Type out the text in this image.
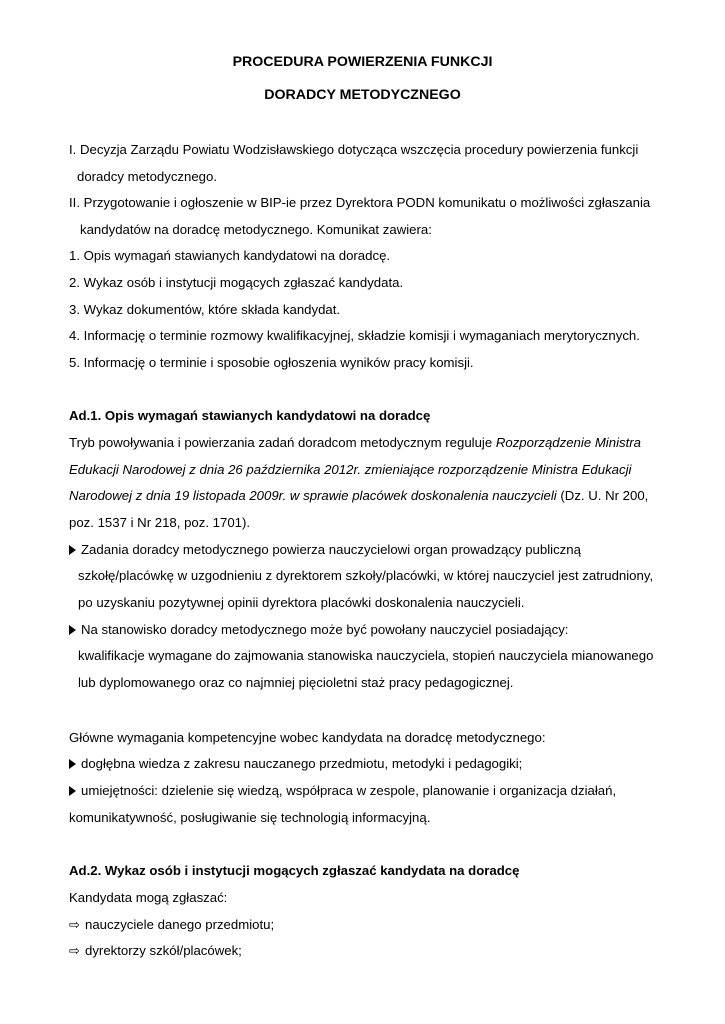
PROCEDURA POWIERZENIA FUNKCJI
DORADCY METODYCZNEGO
I. Decyzja Zarządu Powiatu Wodzisławskiego dotycząca wszczęcia procedury powierzenia funkcji
doradcy metodycznego.
II. Przygotowanie i ogłoszenie w BIP-ie przez Dyrektora PODN komunikatu o możliwości zgłaszania
kandydatów na doradcę metodycznego. Komunikat zawiera:
1. Opis wymagań stawianych kandydatowi na doradcę.
2. Wykaz osób i instytucji mogących zgłaszać kandydata.
3. Wykaz dokumentów, które składa kandydat.
4. Informację o terminie rozmowy kwalifikacyjnej, składzie komisji i wymaganiach merytorycznych.
5. Informację o terminie i sposobie ogłoszenia wyników pracy komisji.
Ad.1. Opis wymagań stawianych kandydatowi na doradcę
Tryb powoływania i powierzania zadań doradcom metodycznym reguluje Rozporządzenie Ministra
Edukacji Narodowej z dnia 26 października 2012r. zmieniające rozporządzenie Ministra Edukacji
Narodowej z dnia 19 listopada 2009r. w sprawie placówek doskonalenia nauczycieli (Dz. U. Nr 200,
poz. 1537 i Nr 218, poz. 1701).
Zadania doradcy metodycznego powierza nauczycielowi organ prowadzący publiczną
szkołę/placówkę w uzgodnieniu z dyrektorem szkoły/placówki, w której nauczyciel jest zatrudniony,
po uzyskaniu pozytywnej opinii dyrektora placówki doskonalenia nauczycieli.
Na stanowisko doradcy metodycznego może być powołany nauczyciel posiadający:
kwalifikacje wymagane do zajmowania stanowiska nauczyciela, stopień nauczyciela mianowanego
lub dyplomowanego oraz co najmniej pięcioletni staż pracy pedagogicznej.
Główne wymagania kompetencyjne wobec kandydata na doradcę metodycznego:
dogłębna wiedza z zakresu nauczanego przedmiotu, metodyki i pedagogiki;
umiejętności: dzielenie się wiedzą, współpraca w zespole, planowanie i organizacja działań,
komunikatywność, posługiwanie się technologią informacyjną.
Ad.2. Wykaz osób i instytucji mogących zgłaszać kandydata na doradcę
Kandydata mogą zgłaszać:
⇨ nauczyciele danego przedmiotu;
⇨ dyrektorzy szkół/placówek;
